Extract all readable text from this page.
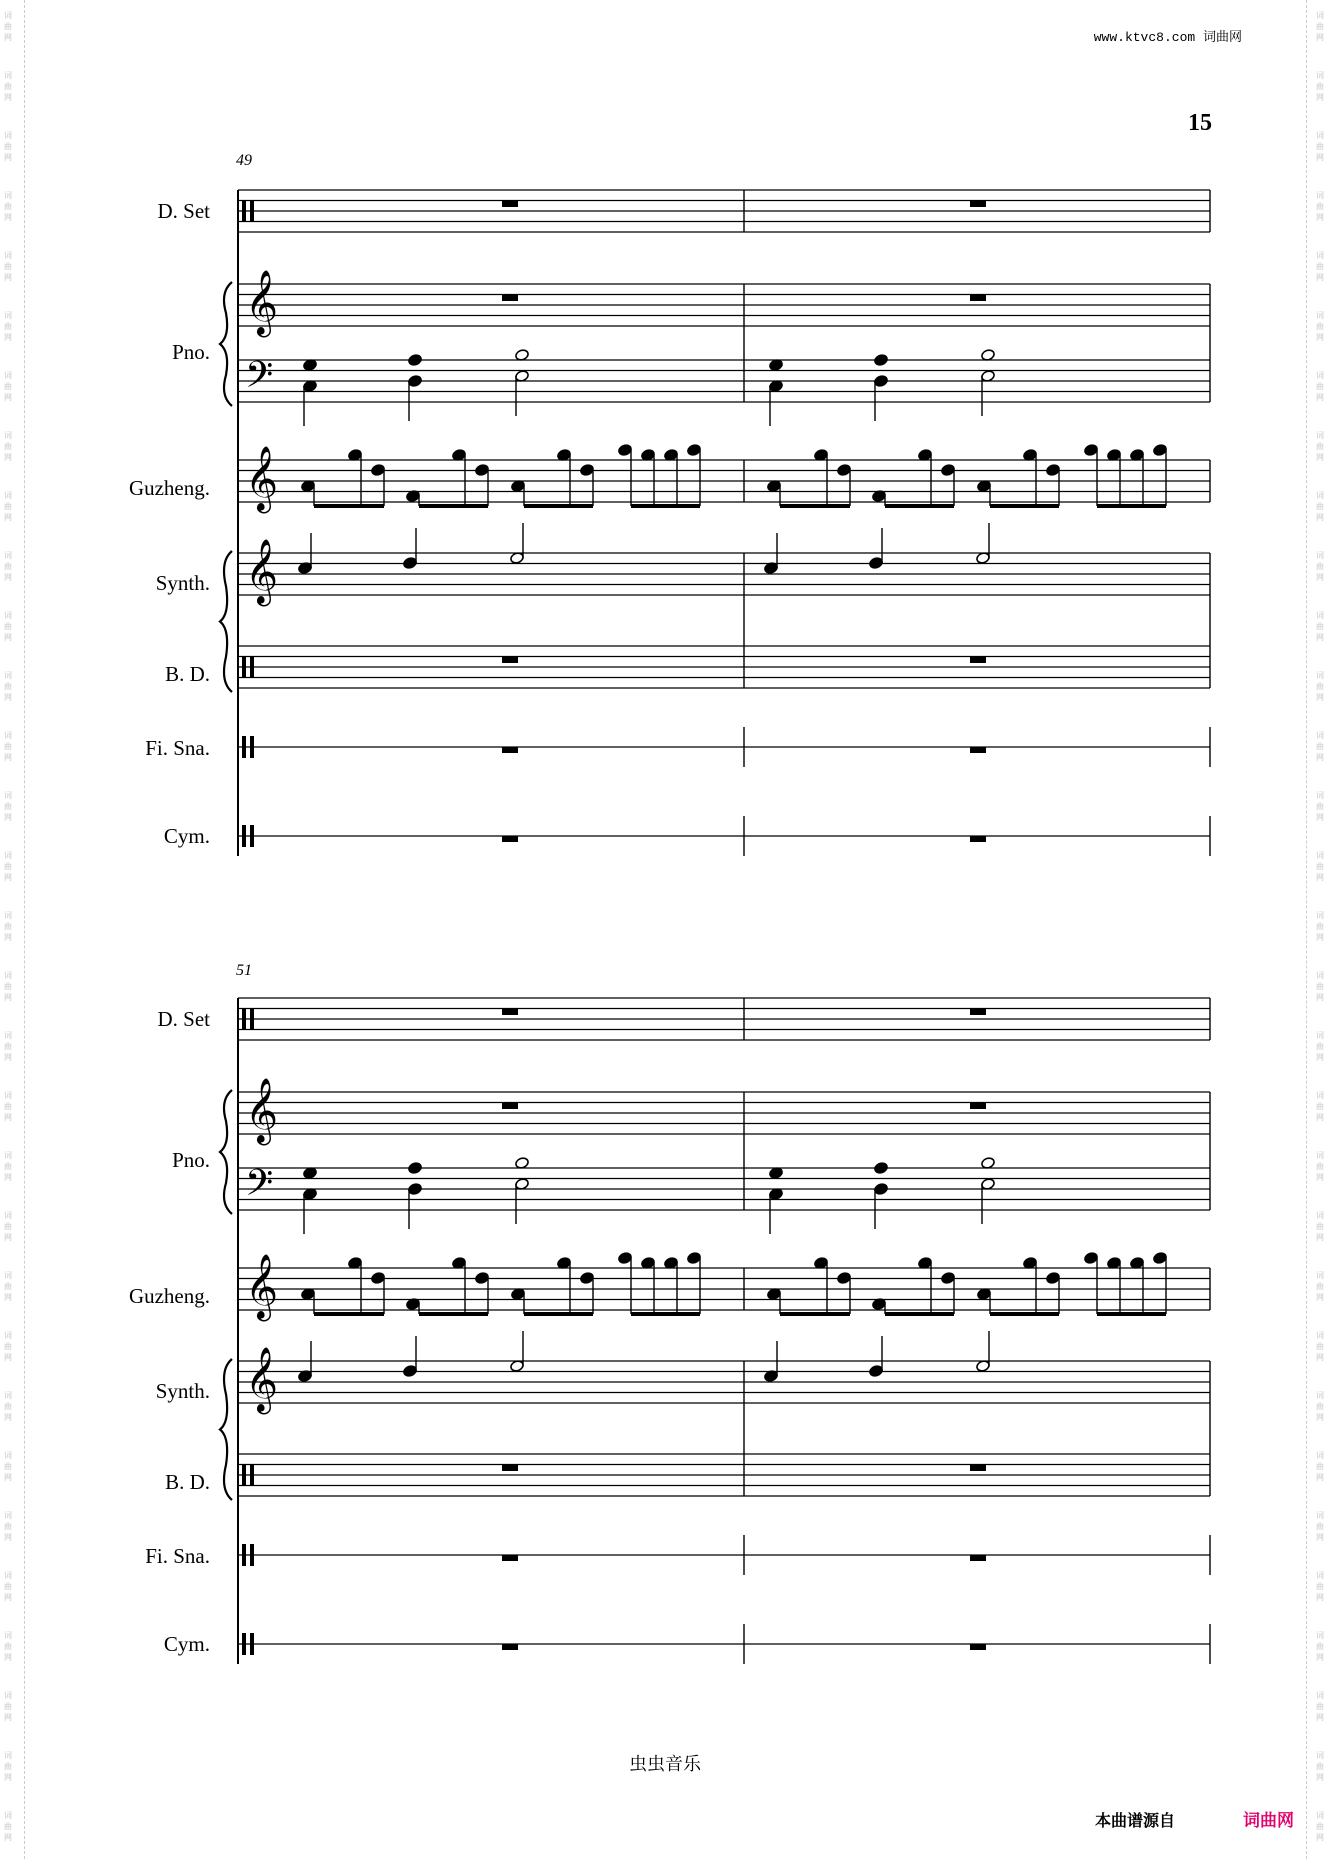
词
曲
网
词
曲
网
词
曲
网
词
曲
网
词
曲
网
词
曲
网
词
曲
网
词
曲
网
词
曲
网
词
曲
网
词
曲
网
词
曲
网
词
曲
网
词
曲
网
词
曲
网
词
曲
网
词
曲
网
词
曲
网
词
曲
网
词
曲
网
词
曲
网
词
曲
网
词
曲
网
词
曲
网
词
曲
网
词
曲
网
词
曲
网
词
曲
网
词
曲
网
词
曲
网
词
曲
网
词
曲
网
词
曲
网
词
曲
网
词
曲
网
词
曲
网
词
曲
网
词
曲
网
词
曲
网
词
曲
网
词
曲
网
词
曲
网
词
曲
网
词
曲
网
词
曲
网
词
曲
网
词
曲
网
词
曲
网
词
曲
网
词
曲
网
词
曲
网
词
曲
网
词
曲
网
词
曲
网
词
曲
网
词
曲
网
词
曲
网
词
曲
网
词
曲
网
词
曲
网
词
曲
网
词
曲
网
www.ktvc8.com 词曲网
15
49
D. Set
Pno.
Guzheng.
Synth.
B. D.
Fi. Sna.
Cym.
51
D. Set
Pno.
Guzheng.
Synth.
B. D.
Fi. Sna.
Cym.
𝄞
𝄢
𝄞
𝄞
𝄞
𝄢
𝄞
𝄞
虫虫音乐
本曲谱源自	词曲网
